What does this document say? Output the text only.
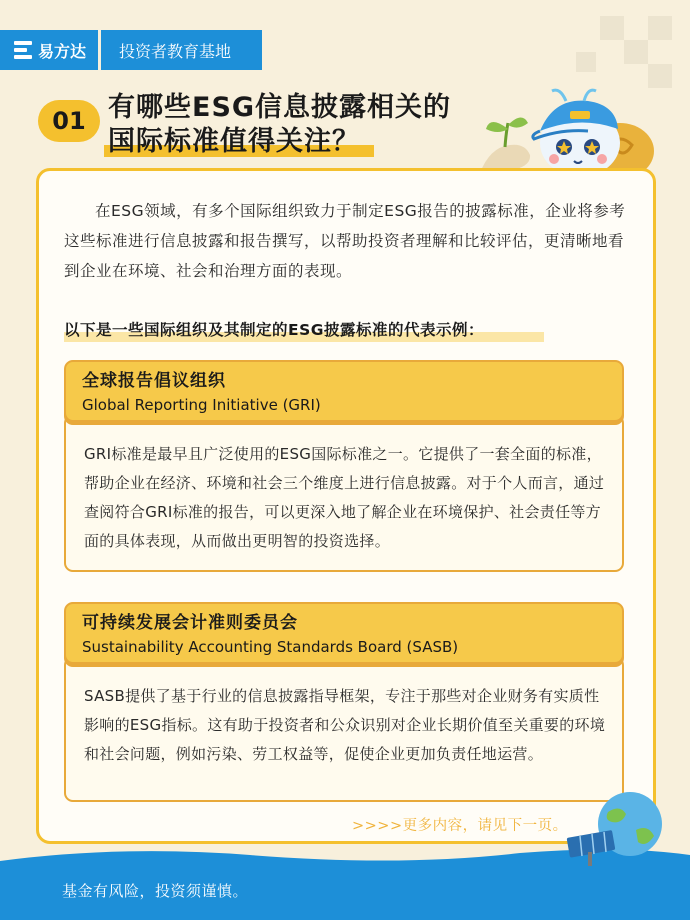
易方达	投资者教育基地
01 有哪些ESG信息披露相关的
国际标准值得关注？

在ESG领域，有多个国际组织致力于制定ESG报告的披露标准，企业将参考这些标准进行信息披露和报告撰写，以帮助投资者理解和比较评估，更清晰地看到企业在环境、社会和治理方面的表现。

以下是一些国际组织及其制定的ESG披露标准的代表示例：
GRI标准是最早且广泛使用的ESG国际标准之一。它提供了一套全面的标准，帮助企业在经济、环境和社会三个维度上进行信息披露。对于个人而言，通过查阅符合GRI标准的报告，可以更深入地了解企业在环境保护、社会责任等方面的具体表现，从而做出更明智的投资选择。
全球报告倡议组织
Global Reporting Initiative (GRI)
SASB提供了基于行业的信息披露指导框架，专注于那些对企业财务有实质性影响的ESG指标。这有助于投资者和公众识别对企业长期价值至关重要的环境和社会问题，例如污染、劳工权益等，促使企业更加负责任地运营。
可持续发展会计准则委员会
Sustainability Accounting Standards Board (SASB)
>>>>更多内容，请见下一页。
基金有风险，投资须谨慎。
